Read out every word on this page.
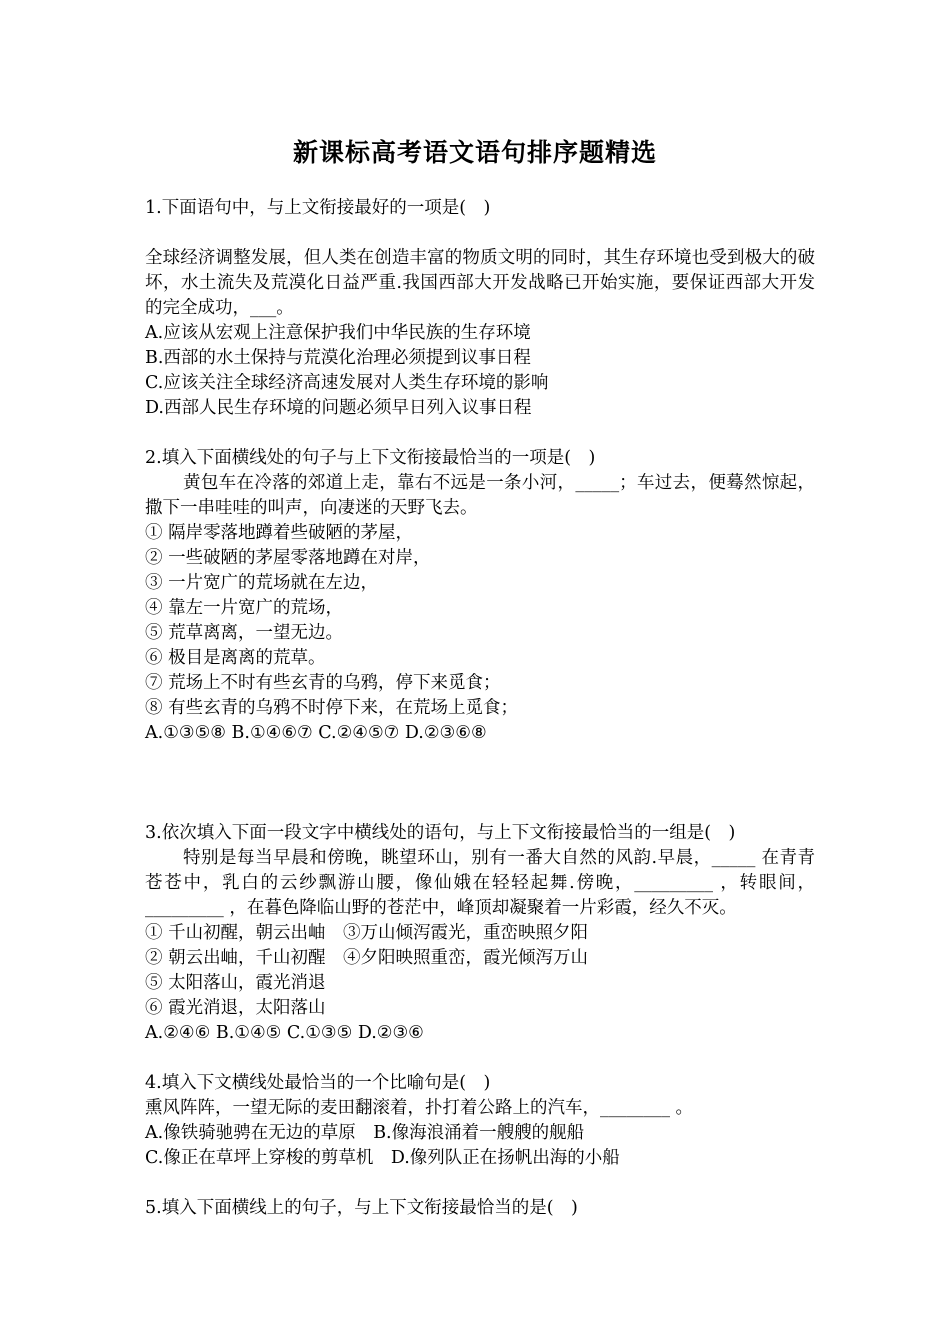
新课标高考语文语句排序题精选
1.下面语句中，与上文衔接最好的一项是(　)
全球经济调整发展，但人类在创造丰富的物质文明的同时，其生存环境也受到极大的破坏，水土流失及荒漠化日益严重.我国西部大开发战略已开始实施，要保证西部大开发的完全成功，___。
A.应该从宏观上注意保护我们中华民族的生存环境
B.西部的水土保持与荒漠化治理必须提到议事日程
C.应该关注全球经济高速发展对人类生存环境的影响
D.西部人民生存环境的问题必须早日列入议事日程
2.填入下面横线处的句子与上下文衔接最恰当的一项是(　)
黄包车在冷落的郊道上走，靠右不远是一条小河，_____；车过去，便蓦然惊起，撒下一串哇哇的叫声，向凄迷的天野飞去。
① 隔岸零落地蹲着些破陋的茅屋，
② 一些破陋的茅屋零落地蹲在对岸，
③ 一片宽广的荒场就在左边，
④ 靠左一片宽广的荒场，
⑤ 荒草离离，一望无边。
⑥ 极目是离离的荒草。
⑦ 荒场上不时有些玄青的乌鸦，停下来觅食；
⑧ 有些玄青的乌鸦不时停下来，在荒场上觅食；
A.①③⑤⑧ B.①④⑥⑦ C.②④⑤⑦ D.②③⑥⑧
3.依次填入下面一段文字中横线处的语句，与上下文衔接最恰当的一组是(　)
特别是每当早晨和傍晚，眺望环山，别有一番大自然的风韵.早晨，_____ 在青青苍苍中，乳白的云纱飘游山腰，像仙娥在轻轻起舞.傍晚，_________ ，转眼间，_________ ，在暮色降临山野的苍茫中，峰顶却凝聚着一片彩霞，经久不灭。
① 千山初醒，朝云出岫　③万山倾泻霞光，重峦映照夕阳
② 朝云出岫，千山初醒　④夕阳映照重峦，霞光倾泻万山
⑤ 太阳落山，霞光消退
⑥ 霞光消退，太阳落山
A.②④⑥ B.①④⑤ C.①③⑤ D.②③⑥
4.填入下文横线处最恰当的一个比喻句是(　)
熏风阵阵，一望无际的麦田翻滚着，扑打着公路上的汽车，________ 。
A.像铁骑驰骋在无边的草原　B.像海浪涌着一艘艘的舰船
C.像正在草坪上穿梭的剪草机　D.像列队正在扬帆出海的小船
5.填入下面横线上的句子，与上下文衔接最恰当的是(　)
